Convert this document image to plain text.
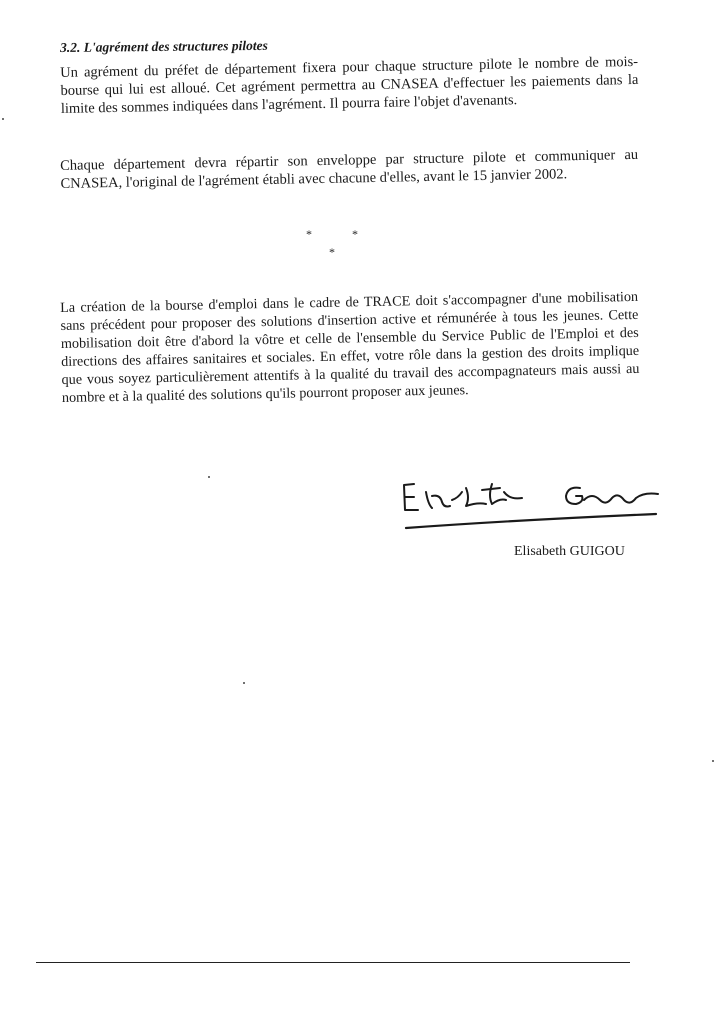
3.2. L'agrément des structures pilotes
Un agrément du préfet de département fixera pour chaque structure pilote le nombre de mois-bourse qui lui est alloué. Cet agrément permettra au CNASEA d'effectuer les paiements dans la limite des sommes indiquées dans l'agrément. Il pourra faire l'objet d'avenants.
Chaque département devra répartir son enveloppe par structure pilote et communiquer au CNASEA, l'original de l'agrément établi avec chacune d'elles, avant le 15 janvier 2002.
*	*
*
La création de la bourse d'emploi dans le cadre de TRACE doit s'accompagner d'une mobilisation sans précédent pour proposer des solutions d'insertion active et rémunérée à tous les jeunes. Cette mobilisation doit être d'abord la vôtre et celle de l'ensemble du Service Public de l'Emploi et des directions des affaires sanitaires et sociales. En effet, votre rôle dans la gestion des droits implique que vous soyez particulièrement attentifs à la qualité du travail des accompagnateurs mais aussi au nombre et à la qualité des solutions qu'ils pourront proposer aux jeunes.
Elisabeth GUIGOU
